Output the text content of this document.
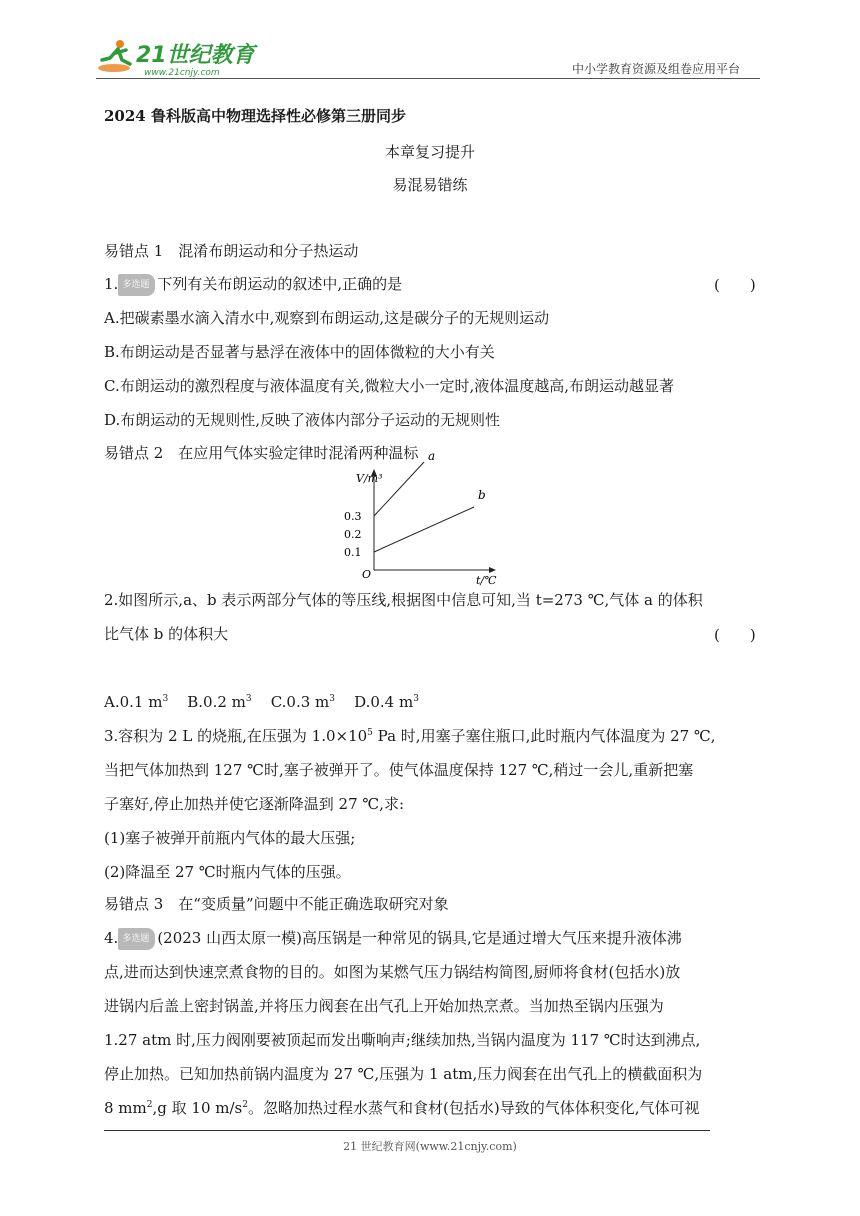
21世纪教育
www.21cnjy.com	中小学教育资源及组卷应用平台
2024 鲁科版高中物理选择性必修第三册同步
本章复习提升
易混易错练
易错点 1　混淆布朗运动和分子热运动
1. 多选题 下列有关布朗运动的叙述中,正确的是	(　　)
A.把碳素墨水滴入清水中,观察到布朗运动,这是碳分子的无规则运动
B.布朗运动是否显著与悬浮在液体中的固体微粒的大小有关
C.布朗运动的激烈程度与液体温度有关,微粒大小一定时,液体温度越高,布朗运动越显著
D.布朗运动的无规则性,反映了液体内部分子运动的无规则性
易错点 2　在应用气体实验定律时混淆两种温标
V/m³
t/℃
O
0.1
0.2
0.3
a
b
2.如图所示,a、b 表示两部分气体的等压线,根据图中信息可知,当 t=273 ℃,气体 a 的体积
比气体 b 的体积大	(　　)
A.0.1 $m^3$ B.0.2 $m^3$ C.0.3 $m^3$ D.0.4 $m^3$
3.容积为 2 L 的烧瓶,在压强为 $1.0\times 10^5$ Pa 时,用塞子塞住瓶口,此时瓶内气体温度为 27 ℃,
当把气体加热到 127 ℃时,塞子被弹开了。使气体温度保持 127 ℃,稍过一会儿,重新把塞
子塞好,停止加热并使它逐渐降温到 27 ℃,求:
(1)塞子被弹开前瓶内气体的最大压强;
(2)降温至 27 ℃时瓶内气体的压强。
易错点 3　在“变质量”问题中不能正确选取研究对象
4. 多选题 (2023 山西太原一模)高压锅是一种常见的锅具,它是通过增大气压来提升液体沸
点,进而达到快速烹煮食物的目的。如图为某燃气压力锅结构简图,厨师将食材(包括水)放
进锅内后盖上密封锅盖,并将压力阀套在出气孔上开始加热烹煮。当加热至锅内压强为
1.27 atm 时,压力阀刚要被顶起而发出嘶响声;继续加热,当锅内温度为 117 ℃时达到沸点,
停止加热。已知加热前锅内温度为 27 ℃,压强为 1 atm,压力阀套在出气孔上的横截面积为
8 $mm^2,g$ 取 10 $m/s^2$。忽略加热过程水蒸气和食材(包括水)导致的气体体积变化,气体可视
21 世纪教育网(www.21cnjy.com)
